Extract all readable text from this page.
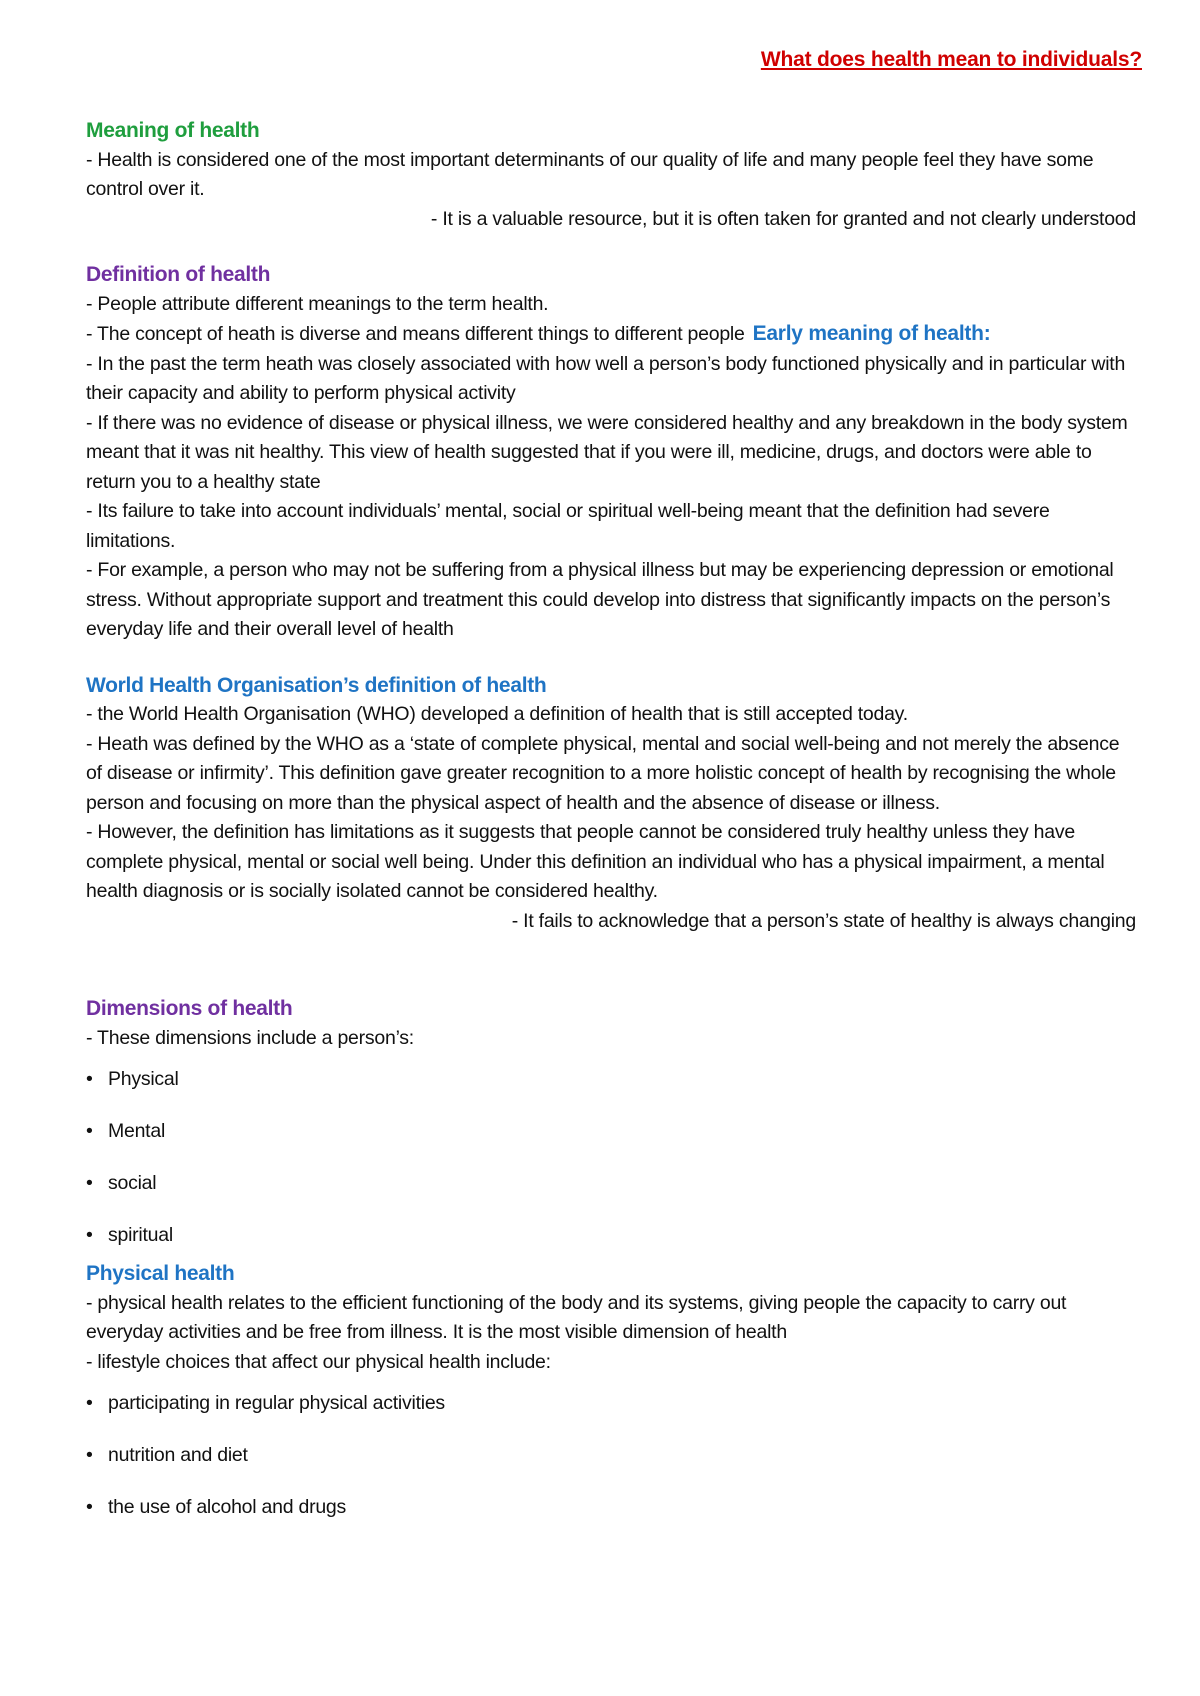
What does health mean to individuals?

Meaning of health

- Health is considered one of the most important determinants of our quality of life and many people feel they have some control over it.

- It is a valuable resource, but it is often taken for granted and not clearly understood

Definition of health

- People attribute different meanings to the term health.

- The concept of heath is diverse and means different things to different people Early meaning of health:

- In the past the term heath was closely associated with how well a person’s body functioned physically and in particular with their capacity and ability to perform physical activity

- If there was no evidence of disease or physical illness, we were considered healthy and any breakdown in the body system meant that it was nit healthy. This view of health suggested that if you were ill, medicine, drugs, and doctors were able to return you to a healthy state

- Its failure to take into account individuals’ mental, social or spiritual well-being meant that the definition had severe limitations.

- For example, a person who may not be suffering from a physical illness but may be experiencing depression or emotional stress. Without appropriate support and treatment this could develop into distress that significantly impacts on the person’s everyday life and their overall level of health

World Health Organisation’s definition of health

- the World Health Organisation (WHO) developed a definition of health that is still accepted today.

- Heath was defined by the WHO as a ‘state of complete physical, mental and social well-being and not merely the absence of disease or infirmity’. This definition gave greater recognition to a more holistic concept of health by recognising the whole person and focusing on more than the physical aspect of health and the absence of disease or illness.

- However, the definition has limitations as it suggests that people cannot be considered truly healthy unless they have complete physical, mental or social well being. Under this definition an individual who has a physical impairment, a mental health diagnosis or is socially isolated cannot be considered healthy.

- It fails to acknowledge that a person’s state of healthy is always changing

Dimensions of health

- These dimensions include a person’s:

• Physical
• Mental
• social
• spiritual

Physical health

- physical health relates to the efficient functioning of the body and its systems, giving people the capacity to carry out everyday activities and be free from illness. It is the most visible dimension of health

- lifestyle choices that affect our physical health include:

• participating in regular physical activities
• nutrition and diet
• the use of alcohol and drugs
